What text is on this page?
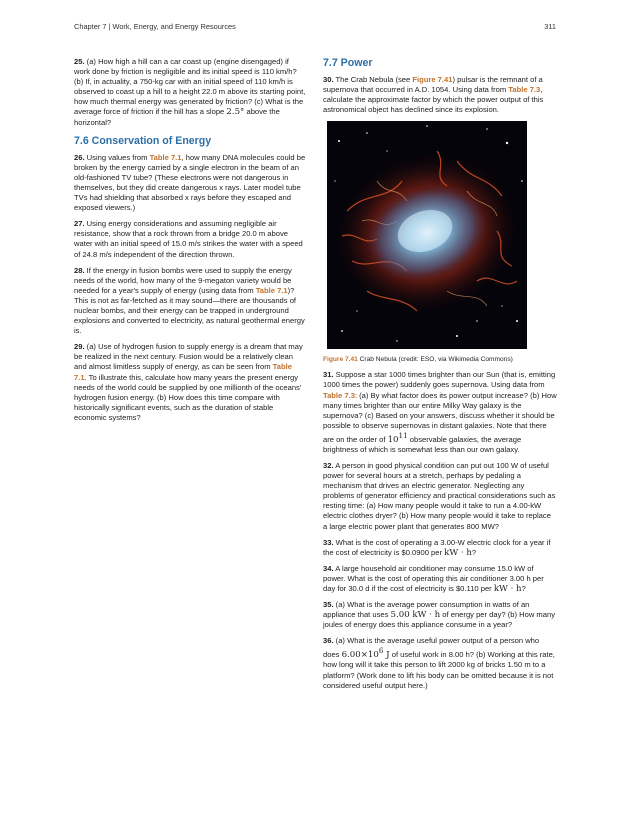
Chapter 7 | Work, Energy, and Energy Resources	311

25. (a) How high a hill can a car coast up (engine disengaged) if work done by friction is negligible and its initial speed is 110 km/h? (b) If, in actuality, a 750-kg car with an initial speed of 110 km/h is observed to coast up a hill to a height 22.0 m above its starting point, how much thermal energy was generated by friction? (c) What is the average force of friction if the hill has a slope 2.5° above the horizontal?

7.6 Conservation of Energy

26. Using values from Table 7.1, how many DNA molecules could be broken by the energy carried by a single electron in the beam of an old-fashioned TV tube? (These electrons were not dangerous in themselves, but they did create dangerous x rays. Later model tube TVs had shielding that absorbed x rays before they escaped and exposed viewers.)

27. Using energy considerations and assuming negligible air resistance, show that a rock thrown from a bridge 20.0 m above water with an initial speed of 15.0 m/s strikes the water with a speed of 24.8 m/s independent of the direction thrown.

28. If the energy in fusion bombs were used to supply the energy needs of the world, how many of the 9-megaton variety would be needed for a year's supply of energy (using data from Table 7.1)? This is not as far-fetched as it may sound—there are thousands of nuclear bombs, and their energy can be trapped in underground explosions and converted to electricity, as natural geothermal energy is.

29. (a) Use of hydrogen fusion to supply energy is a dream that may be realized in the next century. Fusion would be a relatively clean and almost limitless supply of energy, as can be seen from Table 7.1. To illustrate this, calculate how many years the present energy needs of the world could be supplied by one millionth of the oceans' hydrogen fusion energy. (b) How does this time compare with historically significant events, such as the duration of stable economic systems?

7.7 Power

30. The Crab Nebula (see Figure 7.41) pulsar is the remnant of a supernova that occurred in A.D. 1054. Using data from Table 7.3, calculate the approximate factor by which the power output of this astronomical object has declined since its explosion.

Figure 7.41 Crab Nebula (credit: ESO, via Wikimedia Commons)

31. Suppose a star 1000 times brighter than our Sun (that is, emitting 1000 times the power) suddenly goes supernova. Using data from Table 7.3: (a) By what factor does its power output increase? (b) How many times brighter than our entire Milky Way galaxy is the supernova? (c) Based on your answers, discuss whether it should be possible to observe supernovas in distant galaxies. Note that there are on the order of $10^{11}$ observable galaxies, the average brightness of which is somewhat less than our own galaxy.

32. A person in good physical condition can put out 100 W of useful power for several hours at a stretch, perhaps by pedaling a mechanism that drives an electric generator. Neglecting any problems of generator efficiency and practical considerations such as resting time: (a) How many people would it take to run a 4.00-kW electric clothes dryer? (b) How many people would it take to replace a large electric power plant that generates 800 MW?

33. What is the cost of operating a 3.00-W electric clock for a year if the cost of electricity is $0.0900 per kW · h?

34. A large household air conditioner may consume 15.0 kW of power. What is the cost of operating this air conditioner 3.00 h per day for 30.0 d if the cost of electricity is $0.110 per kW · h?

35. (a) What is the average power consumption in watts of an appliance that uses 5.00 kW · h of energy per day? (b) How many joules of energy does this appliance consume in a year?

36. (a) What is the average useful power output of a person who does $6.00\times 10^6$ J of useful work in 8.00 h? (b) Working at this rate, how long will it take this person to lift 2000 kg of bricks 1.50 m to a platform? (Work done to lift his body can be omitted because it is not considered useful output here.)
